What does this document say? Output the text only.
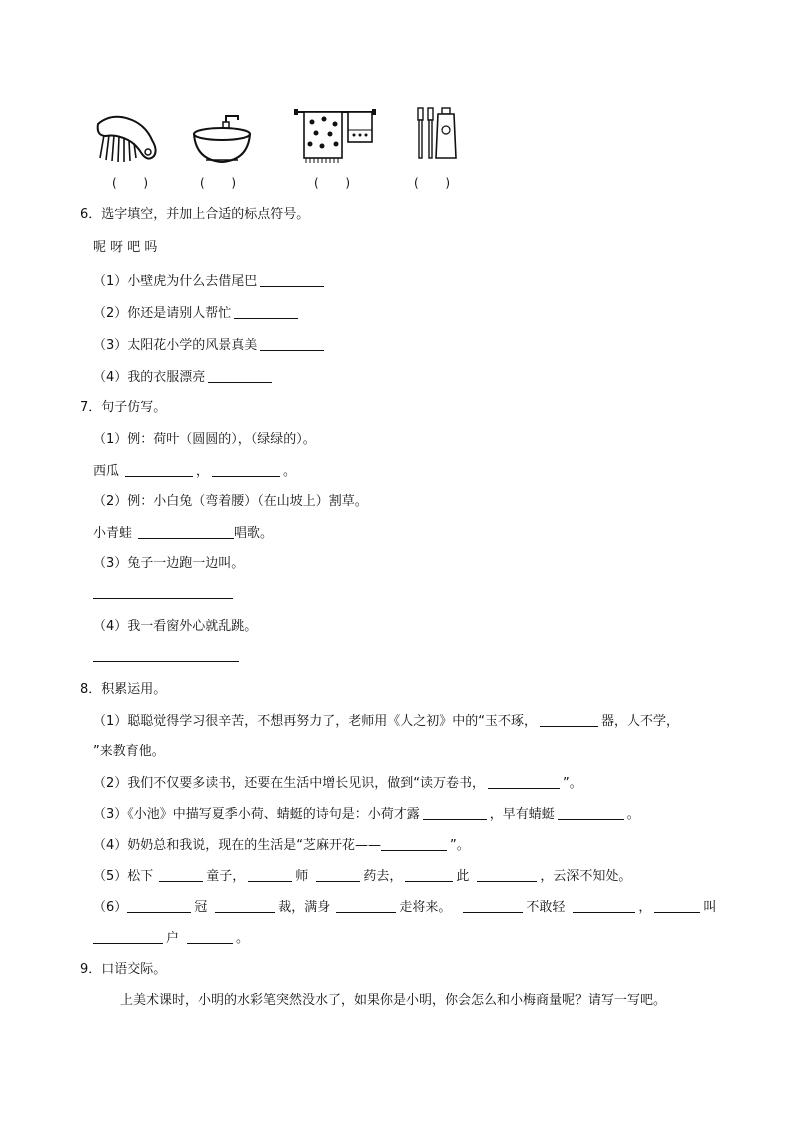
(       )	(       )	(       )	(       )
6．选字填空，并加上合适的标点符号。
呢 呀 吧 吗
（1）小壁虎为什么去借尾巴
（2）你还是请别人帮忙
（3）太阳花小学的风景真美
（4）我的衣服漂亮
7．句子仿写。
（1）例：荷叶（圆圆的），（绿绿的）。
西瓜	，	。
（2）例：小白兔（弯着腰）（在山坡上）割草。
小青蛙	唱歌。
（3）兔子一边跑一边叫。
（4）我一看窗外心就乱跳。
8．积累运用。
（1）聪聪觉得学习很辛苦，不想再努力了，老师用《人之初》中的“玉不琢，	器，人不学，
”来教育他。
（2）我们不仅要多读书，还要在生活中增长见识，做到“读万卷书，	”。
（3）《小池》中描写夏季小荷、蜻蜓的诗句是：小荷才露	，早有蜻蜓	。
（4）奶奶总和我说，现在的生活是“芝麻开花——	”。
（5）松下	童子，	师	药去，	此	，云深不知处。
（6）	冠	裁，满身	走将来。	不敢轻	，	叫
户	。
9．口语交际。
上美术课时，小明的水彩笔突然没水了，如果你是小明，你会怎么和小梅商量呢？请写一写吧。
